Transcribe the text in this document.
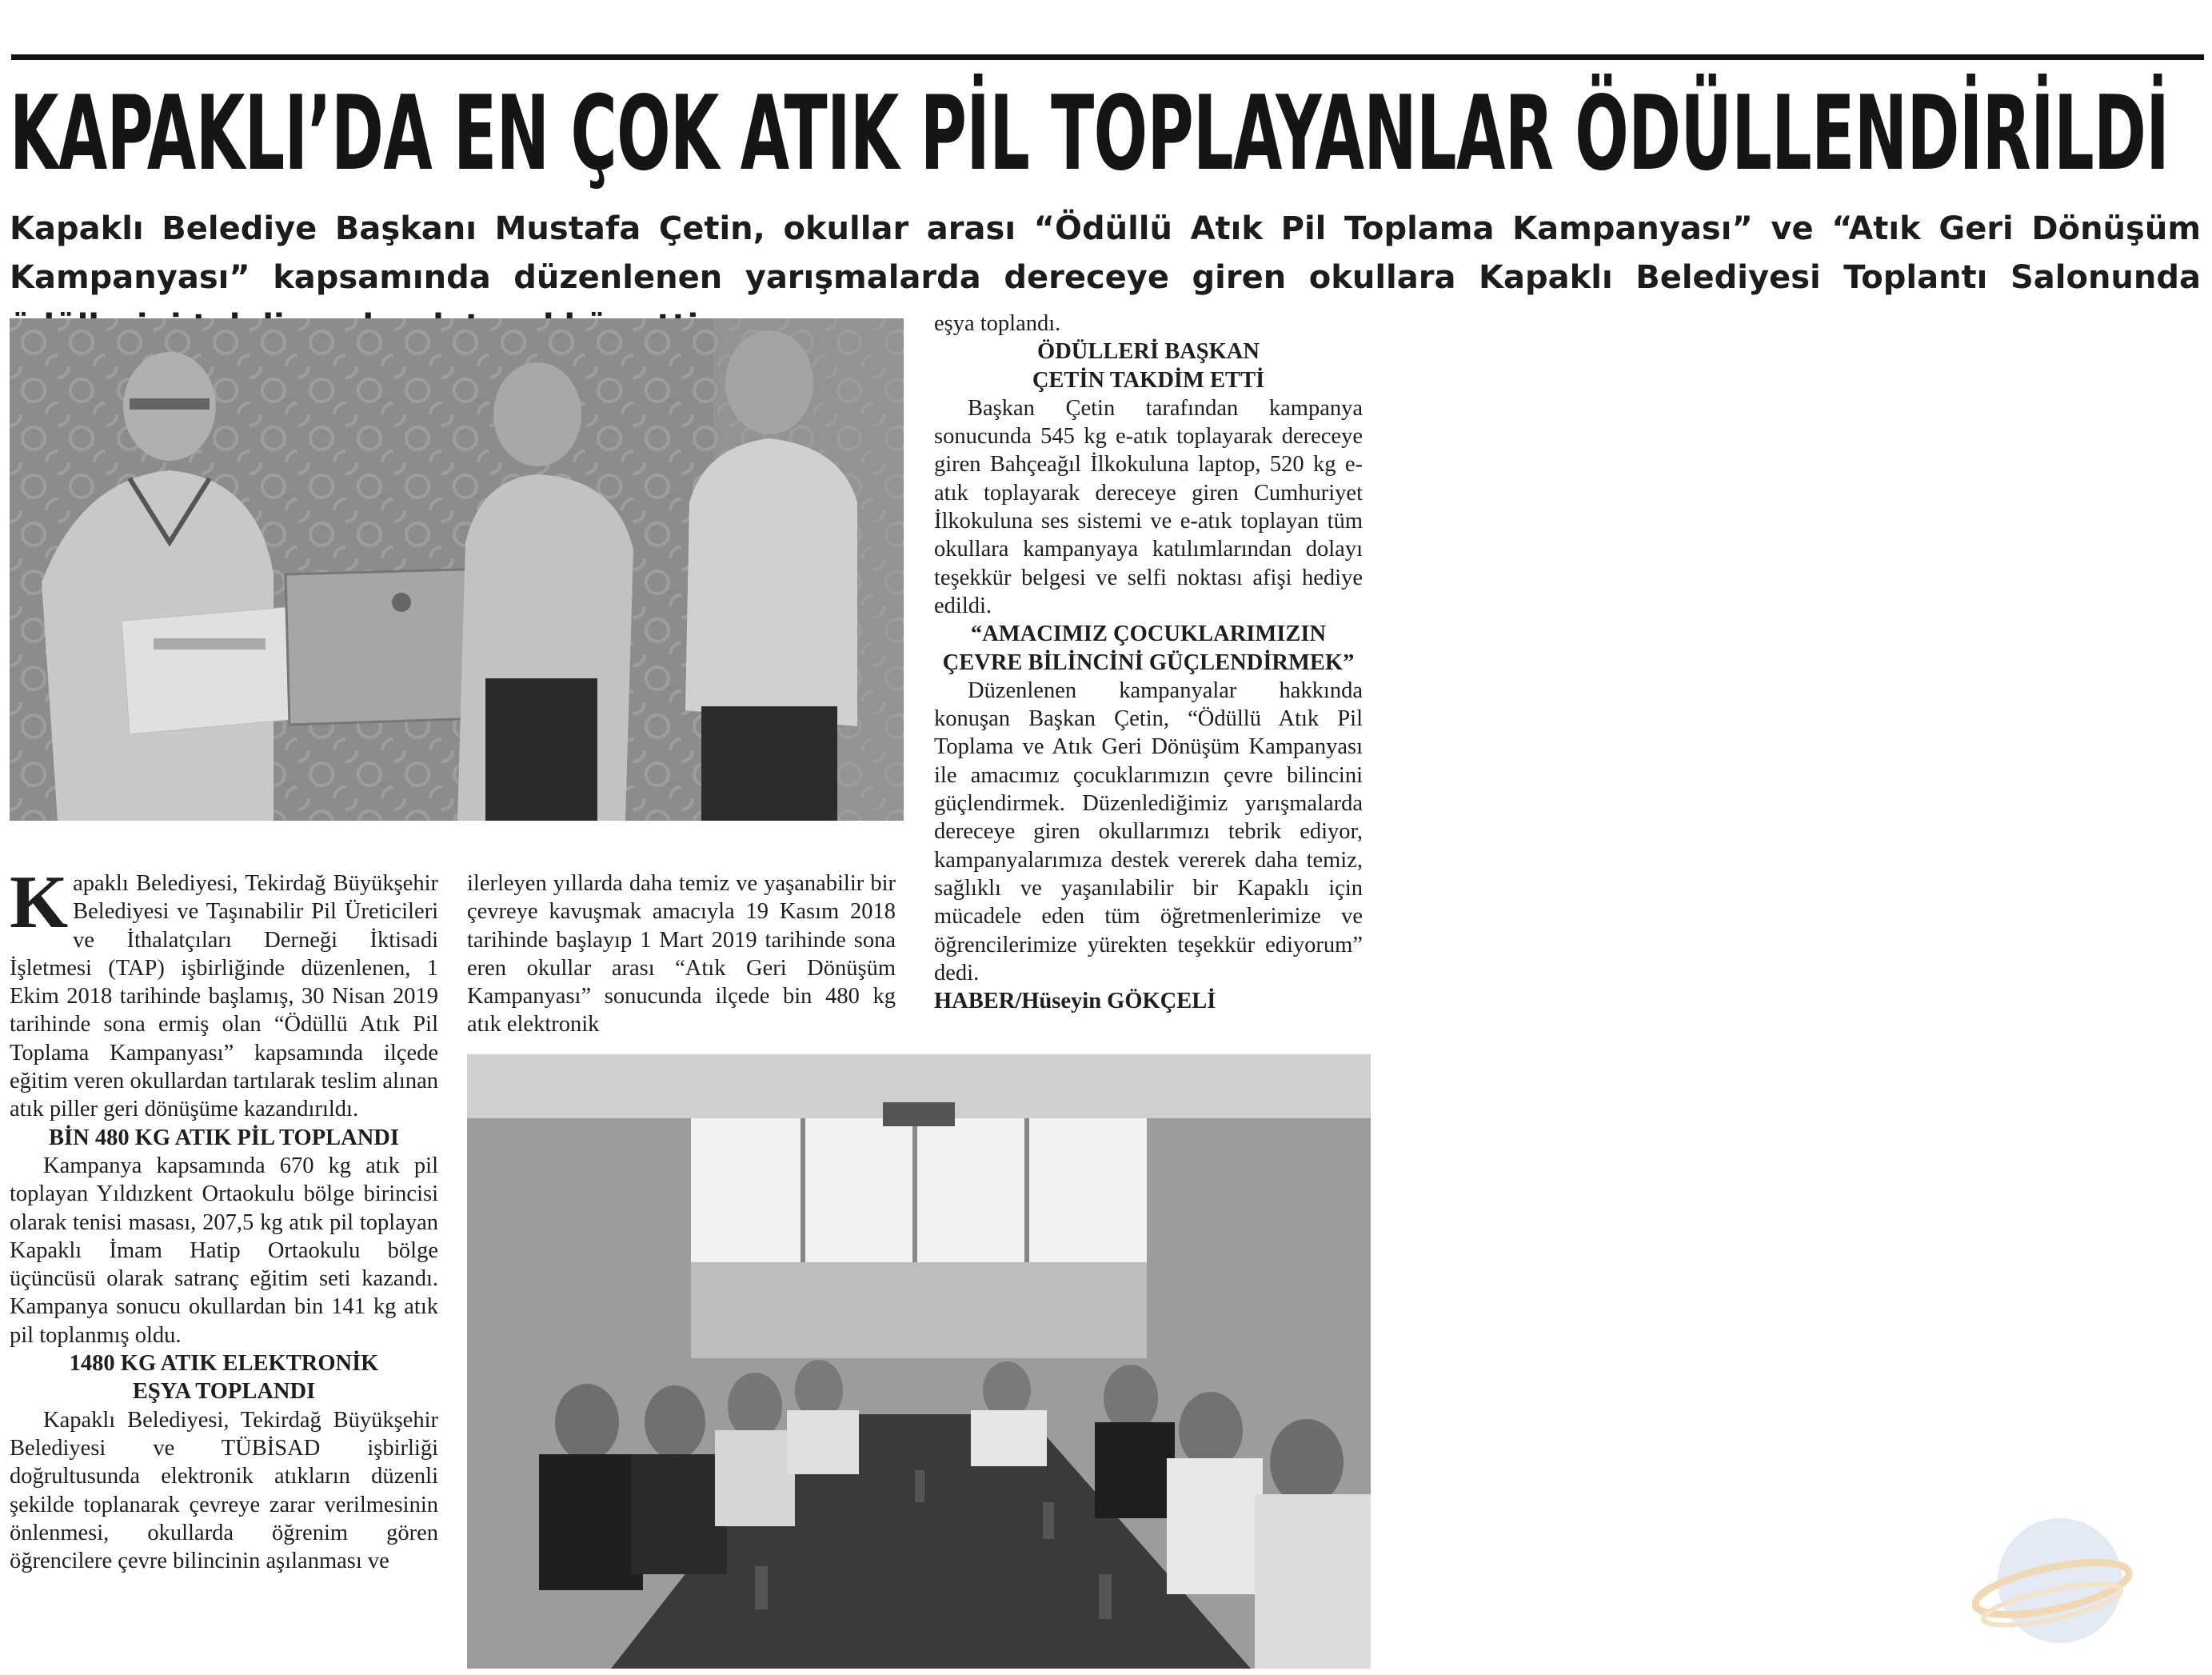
KAPAKLI’DA EN ÇOK ATIK PİL TOPLAYANLAR ÖDÜLLENDİRİLDİ
Kapaklı Belediye Başkanı Mustafa Çetin, okullar arası “Ödüllü Atık Pil Toplama Kampanyası” ve “Atık Geri Dönüşüm Kampanyası” kapsamında düzenlenen yarışmalarda dereceye giren okullara Kapaklı Belediyesi Toplantı Salonunda

Kapaklı Belediyesi, Tekirdağ Büyükşehir Belediyesi ve Taşınabilir Pil Üreticileri ve İthalatçıları Derneği İktisadi İşletmesi (TAP) işbirliğinde düzenlenen, 1 Ekim 2018 tarihinde başlamış, 30 Nisan 2019 tarihinde sona ermiş olan “Ödüllü Atık Pil Toplama Kampanyası” kapsamında ilçede eğitim veren okullardan tartılarak teslim alınan atık piller geri dönüşüme kazandırıldı.

BİN 480 KG ATIK PİL TOPLANDI

Kampanya kapsamında 670 kg atık pil toplayan Yıldızkent Ortaokulu bölge birincisi olarak tenisi masası, 207,5 kg atık pil toplayan Kapaklı İmam Hatip Ortaokulu bölge üçüncüsü olarak satranç eğitim seti kazandı. Kampanya sonucu okullardan bin 141 kg atık pil toplanmış oldu.

1480 KG ATIK ELEKTRONİK

EŞYA TOPLANDI

Kapaklı Belediyesi, Tekirdağ Büyükşehir Belediyesi ve TÜBİSAD işbirliği doğrultusunda elektronik atıkların düzenli şekilde toplanarak çevreye zarar verilmesinin önlenmesi, okullarda öğrenim gören öğrencilere çevre bilincinin aşılanması ve

ilerleyen yıllarda daha temiz ve yaşanabilir bir çevreye kavuşmak amacıyla 19 Kasım 2018 tarihinde başlayıp 1 Mart 2019 tarihinde sona eren okullar arası “Atık Geri Dönüşüm Kampanyası” sonucunda ilçede bin 480 kg atık elektronik

eşya toplandı.

ÖDÜLLERİ BAŞKAN

ÇETİN TAKDİM ETTİ

Başkan Çetin tarafından kampanya sonucunda 545 kg e-atık toplayarak dereceye giren Bahçeağıl İlkokuluna laptop, 520 kg e-atık toplayarak dereceye giren Cumhuriyet İlkokuluna ses sistemi ve e-atık toplayan tüm okullara kampanyaya katılımlarından dolayı teşekkür belgesi ve selfi noktası afişi hediye edildi.

“AMACIMIZ ÇOCUKLARIMIZIN

ÇEVRE BİLİNCİNİ GÜÇLENDİRMEK”

Düzenlenen kampanyalar hakkında konuşan Başkan Çetin, “Ödüllü Atık Pil Toplama ve Atık Geri Dönüşüm Kampanyası ile amacımız çocuklarımızın çevre bilincini güçlendirmek. Düzenlediğimiz yarışmalarda dereceye giren okullarımızı tebrik ediyor, kampanyalarımıza destek vererek daha temiz, sağlıklı ve yaşanılabilir bir Kapaklı için mücadele eden tüm öğretmenlerimize ve öğrencilerimize yürekten teşekkür ediyorum” dedi.

HABER/Hüseyin GÖKÇELİ
